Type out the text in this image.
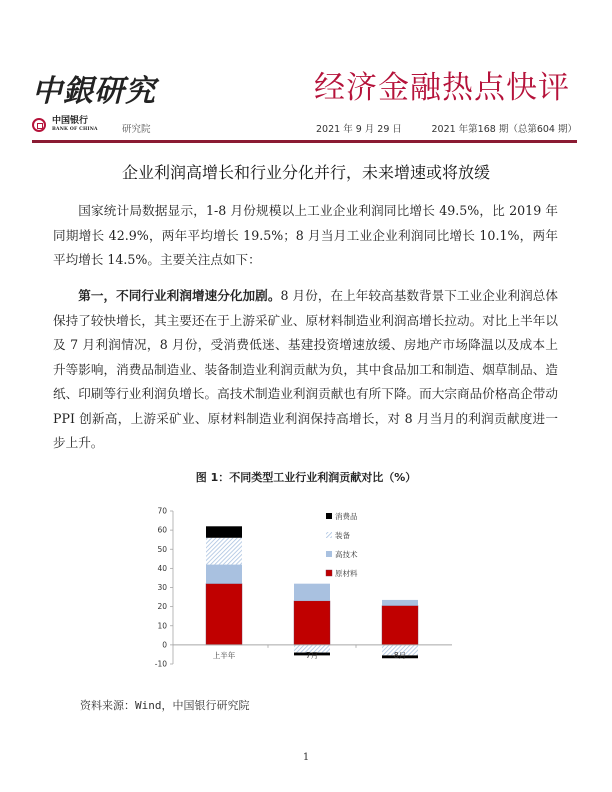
中銀研究	经济金融热点快评
中国银行
BANK OF CHINA	研究院	2021 年 9 月 29 日	2021 年第168 期（总第604 期）
企业利润高增长和行业分化并行，未来增速或将放缓

国家统计局数据显示，1-8 月份规模以上工业企业利润同比增长 49.5%，比 2019 年同期增长 42.9%，两年平均增长 19.5%；8 月当月工业企业利润同比增长 10.1%，两年平均增长 14.5%。主要关注点如下：

第一，不同行业利润增速分化加剧。8 月份，在上年较高基数背景下工业企业利润总体保持了较快增长，其主要还在于上游采矿业、原材料制造业利润高增长拉动。对比上半年以及 7 月利润情况，8 月份，受消费低迷、基建投资增速放缓、房地产市场降温以及成本上升等影响，消费品制造业、装备制造业利润贡献为负，其中食品加工和制造、烟草制品、造纸、印刷等行业利润负增长。高技术制造业利润贡献也有所下降。而大宗商品价格高企带动 PPI 创新高，上游采矿业、原材料制造业利润保持高增长，对 8 月当月的利润贡献度进一步上升。

图 1：不同类型工业行业利润贡献对比（%）
-10
0
10
20
30
40
50
60
70
上半年	7月	8月
消费品
装备
高技术
原材料
资料来源：Wind，中国银行研究院
1
